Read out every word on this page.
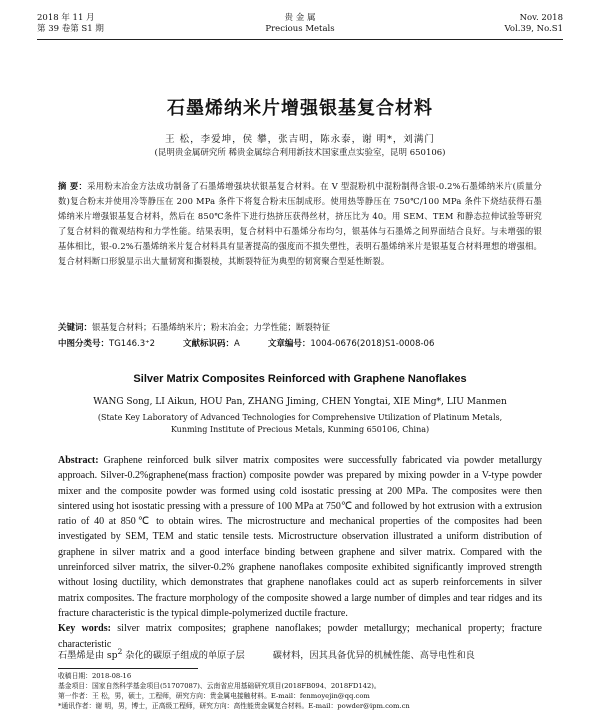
2018 年 11 月
第 39 卷第 S1 期
贵 金 属
Precious Metals
Nov. 2018
Vol.39, No.S1
石墨烯纳米片增强银基复合材料
王 松，李爱坤，侯 攀，张吉明，陈永泰，谢 明*，刘满门
(昆明贵金属研究所 稀贵金属综合利用新技术国家重点实验室，昆明 650106)
摘 要：采用粉末冶金方法成功制备了石墨烯增强块状银基复合材料。在 V 型混粉机中混粉制得含银-0.2%石墨烯纳米片(质量分数)复合粉末并使用冷等静压在 200 MPa 条件下将复合粉末压制成形。使用热等静压在 750℃/100 MPa 条件下烧结获得石墨烯纳米片增强银基复合材料，然后在 850℃条件下进行热挤压获得丝材，挤压比为 40。用 SEM、TEM 和静态拉伸试验等研究了复合材料的微观结构和力学性能。结果表明，复合材料中石墨烯分布均匀，银基体与石墨烯之间界面结合良好。与未增强的银基体相比，银-0.2%石墨烯纳米片复合材料具有显著提高的强度而不损失塑性，表明石墨烯纳米片是银基复合材料理想的增强相。复合材料断口形貌显示出大量韧窝和撕裂棱，其断裂特征为典型的韧窝聚合型延性断裂。
关键词：银基复合材料；石墨烯纳米片；粉末冶金；力学性能；断裂特征
中图分类号：TG146.3⁺2	文献标识码：A	文章编号：1004-0676(2018)S1-0008-06
Silver Matrix Composites Reinforced with Graphene Nanoflakes
WANG Song, LI Aikun, HOU Pan, ZHANG Jiming, CHEN Yongtai, XIE Ming*, LIU Manmen
(State Key Laboratory of Advanced Technologies for Comprehensive Utilization of Platinum Metals,
Kunming Institute of Precious Metals, Kunming 650106, China)
Abstract: Graphene reinforced bulk silver matrix composites were successfully fabricated via powder metallurgy approach. Silver-0.2%graphene(mass fraction) composite powder was prepared by mixing powder in a V-type powder mixer and the composite powder was formed using cold isostatic pressing at 200 MPa. The composites were then sintered using hot isostatic pressing with a pressure of 100 MPa at 750℃ and followed by hot extrusion with a extrusion ratio of 40 at 850℃ to obtain wires. The microstructure and mechanical properties of the composites had been investigated by SEM, TEM and static tensile tests. Microstructure observation illustrated a uniform distribution of graphene in silver matrix and a good interface binding between graphene and silver matrix. Compared with the unreinforced silver matrix, the silver-0.2% graphene nanoflakes composite exhibited significantly improved strength without losing ductility, which demonstrates that graphene nanoflakes could act as superb reinforcements in silver matrix composites. The fracture morphology of the composite showed a large number of dimples and tear ridges and its fracture characteristic is the typical dimple-polymerized ductile fracture.
Key words: silver matrix composites; graphene nanoflakes; powder metallurgy; mechanical property; fracture characteristic
石墨烯是由 $sp^2$ 杂化的碳原子组成的单原子层	碳材料，因其具备优异的机械性能、高导电性和良
收稿日期：2018-08-16
基金项目：国家自然科学基金项目(51707087)、云南省应用基础研究项目(2018FB094、2018FD142)。
第一作者：王 松，男，硕士，工程师，研究方向：贵金属电接触材料。E-mail：fenmoyejin@qq.com
*通讯作者：谢 明，男，博士，正高级工程师，研究方向：高性能贵金属复合材料。E-mail：powder@ipm.com.cn
